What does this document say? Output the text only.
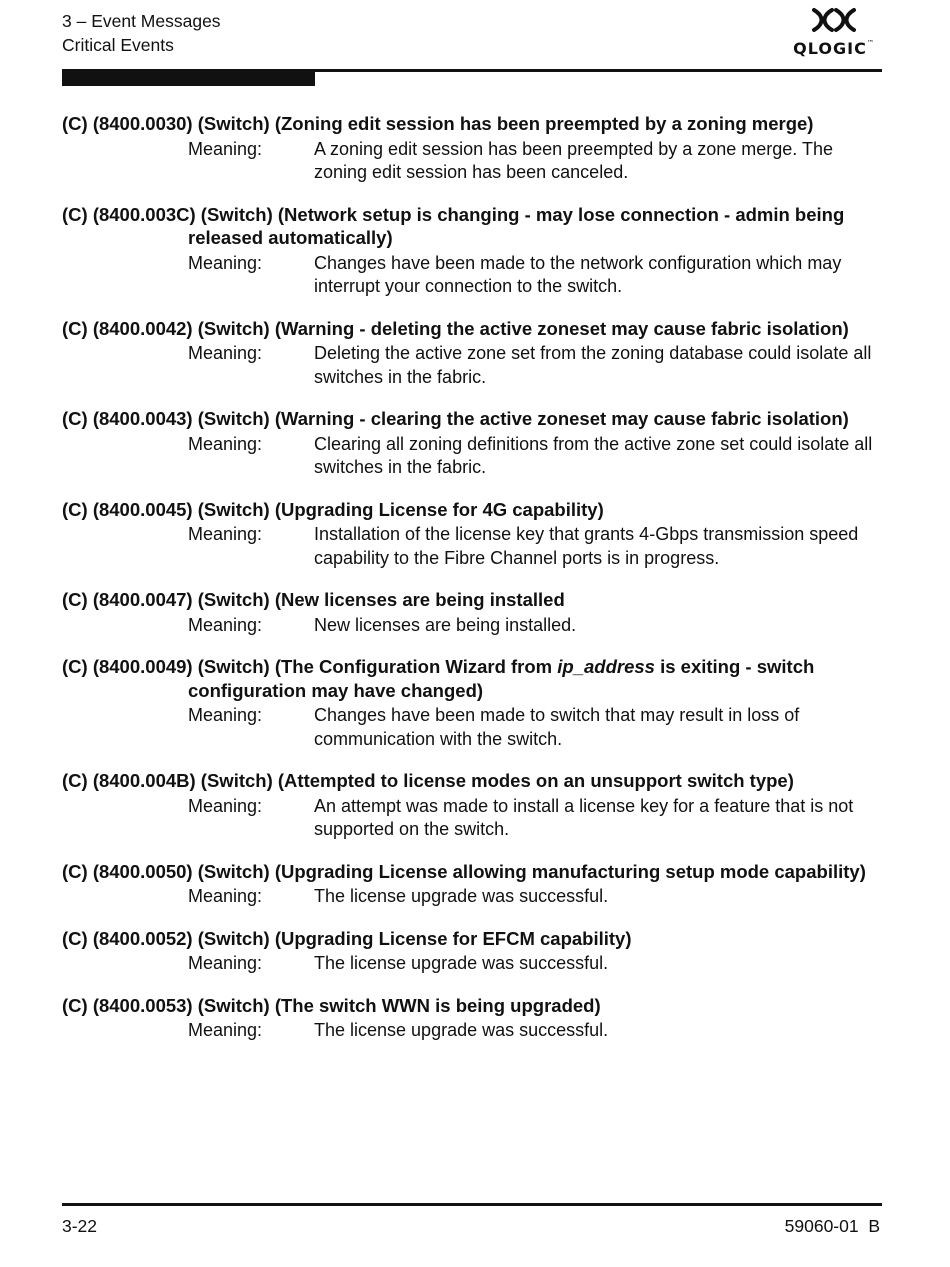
3 – Event Messages
Critical Events	QLOGIC™
(C) (8400.0030) (Switch) (Zoning edit session has been preempted by a zoning merge)
Meaning:	A zoning edit session has been preempted by a zone merge. The zoning edit session has been canceled.
(C) (8400.003C) (Switch) (Network setup is changing - may lose connection - admin being released automatically)
Meaning:	Changes have been made to the network configuration which may interrupt your connection to the switch.
(C) (8400.0042) (Switch) (Warning - deleting the active zoneset may cause fabric isolation)
Meaning:	Deleting the active zone set from the zoning database could isolate all switches in the fabric.
(C) (8400.0043) (Switch) (Warning - clearing the active zoneset may cause fabric isolation)
Meaning:	Clearing all zoning definitions from the active zone set could isolate all switches in the fabric.
(C) (8400.0045) (Switch) (Upgrading License for 4G capability)
Meaning:	Installation of the license key that grants 4-Gbps transmission speed capability to the Fibre Channel ports is in progress.
(C) (8400.0047) (Switch) (New licenses are being installed
Meaning:	New licenses are being installed.
(C) (8400.0049) (Switch) (The Configuration Wizard from ip_address is exiting - switch configuration may have changed)
Meaning:	Changes have been made to switch that may result in loss of communication with the switch.
(C) (8400.004B) (Switch) (Attempted to license modes on an unsupport switch type)
Meaning:	An attempt was made to install a license key for a feature that is not supported on the switch.
(C) (8400.0050) (Switch) (Upgrading License allowing manufacturing setup mode capability)
Meaning:	The license upgrade was successful.
(C) (8400.0052) (Switch) (Upgrading License for EFCM capability)
Meaning:	The license upgrade was successful.
(C) (8400.0053) (Switch) (The switch WWN is being upgraded)
Meaning:	The license upgrade was successful.
3-22	59060-01  B
